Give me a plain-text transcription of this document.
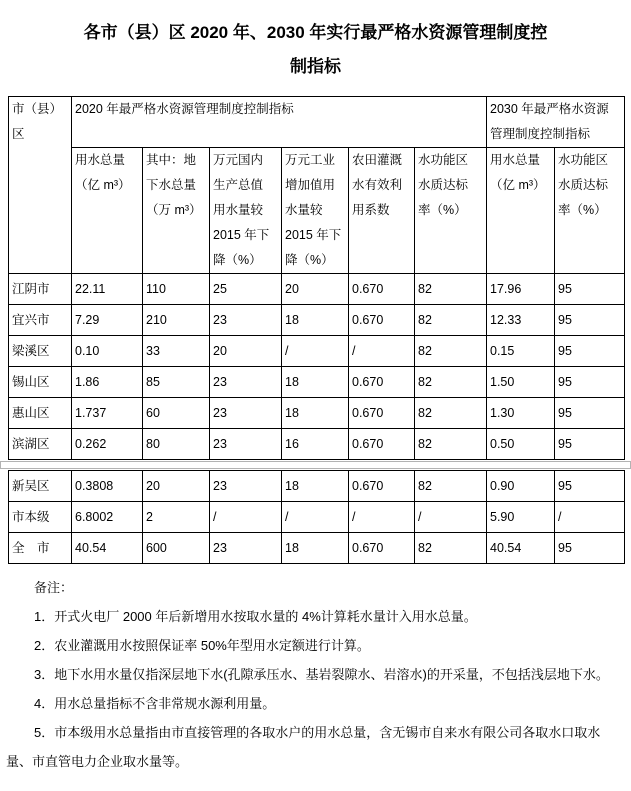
各市（县）区 2020 年、2030 年实行最严格水资源管理制度控
制指标
市（县）
区	2020 年最严格水资源管理制度控制指标						2030 年最严格水资源
管理制度控制指标	
	用水总量
（亿 m³）	其中：地
下水总量
（万 m³）	万元国内
生产总值
用水量较
2015 年下
降（%）	万元工业
增加值用
水量较
2015 年下
降（%）	农田灌溉
水有效利
用系数	水功能区
水质达标
率（%）	用水总量
（亿 m³）	水功能区
水质达标
率（%）
江阴市	22.11	110	25	20	0.670	82	17.96	95
宜兴市	7.29	210	23	18	0.670	82	12.33	95
梁溪区	0.10	33	20	/	/	82	0.15	95
锡山区	1.86	85	23	18	0.670	82	1.50	95
惠山区	1.737	60	23	18	0.670	82	1.30	95
滨湖区	0.262	80	23	16	0.670	82	0.50	95
新吴区	0.3808	20	23	18	0.670	82	0.90	95
市本级	6.8002	2	/	/	/	/	5.90	/
全　市	40.54	600	23	18	0.670	82	40.54	95

备注：

1．开式火电厂 2000 年后新增用水按取水量的 4%计算耗水量计入用水总量。

2．农业灌溉用水按照保证率 50%年型用水定额进行计算。

3．地下水用水量仅指深层地下水(孔隙承压水、基岩裂隙水、岩溶水)的开采量，不包括浅层地下水。

4．用水总量指标不含非常规水源利用量。

5．市本级用水总量指由市直接管理的各取水户的用水总量，含无锡市自来水有限公司各取水口取水量、市直管电力企业取水量等。
